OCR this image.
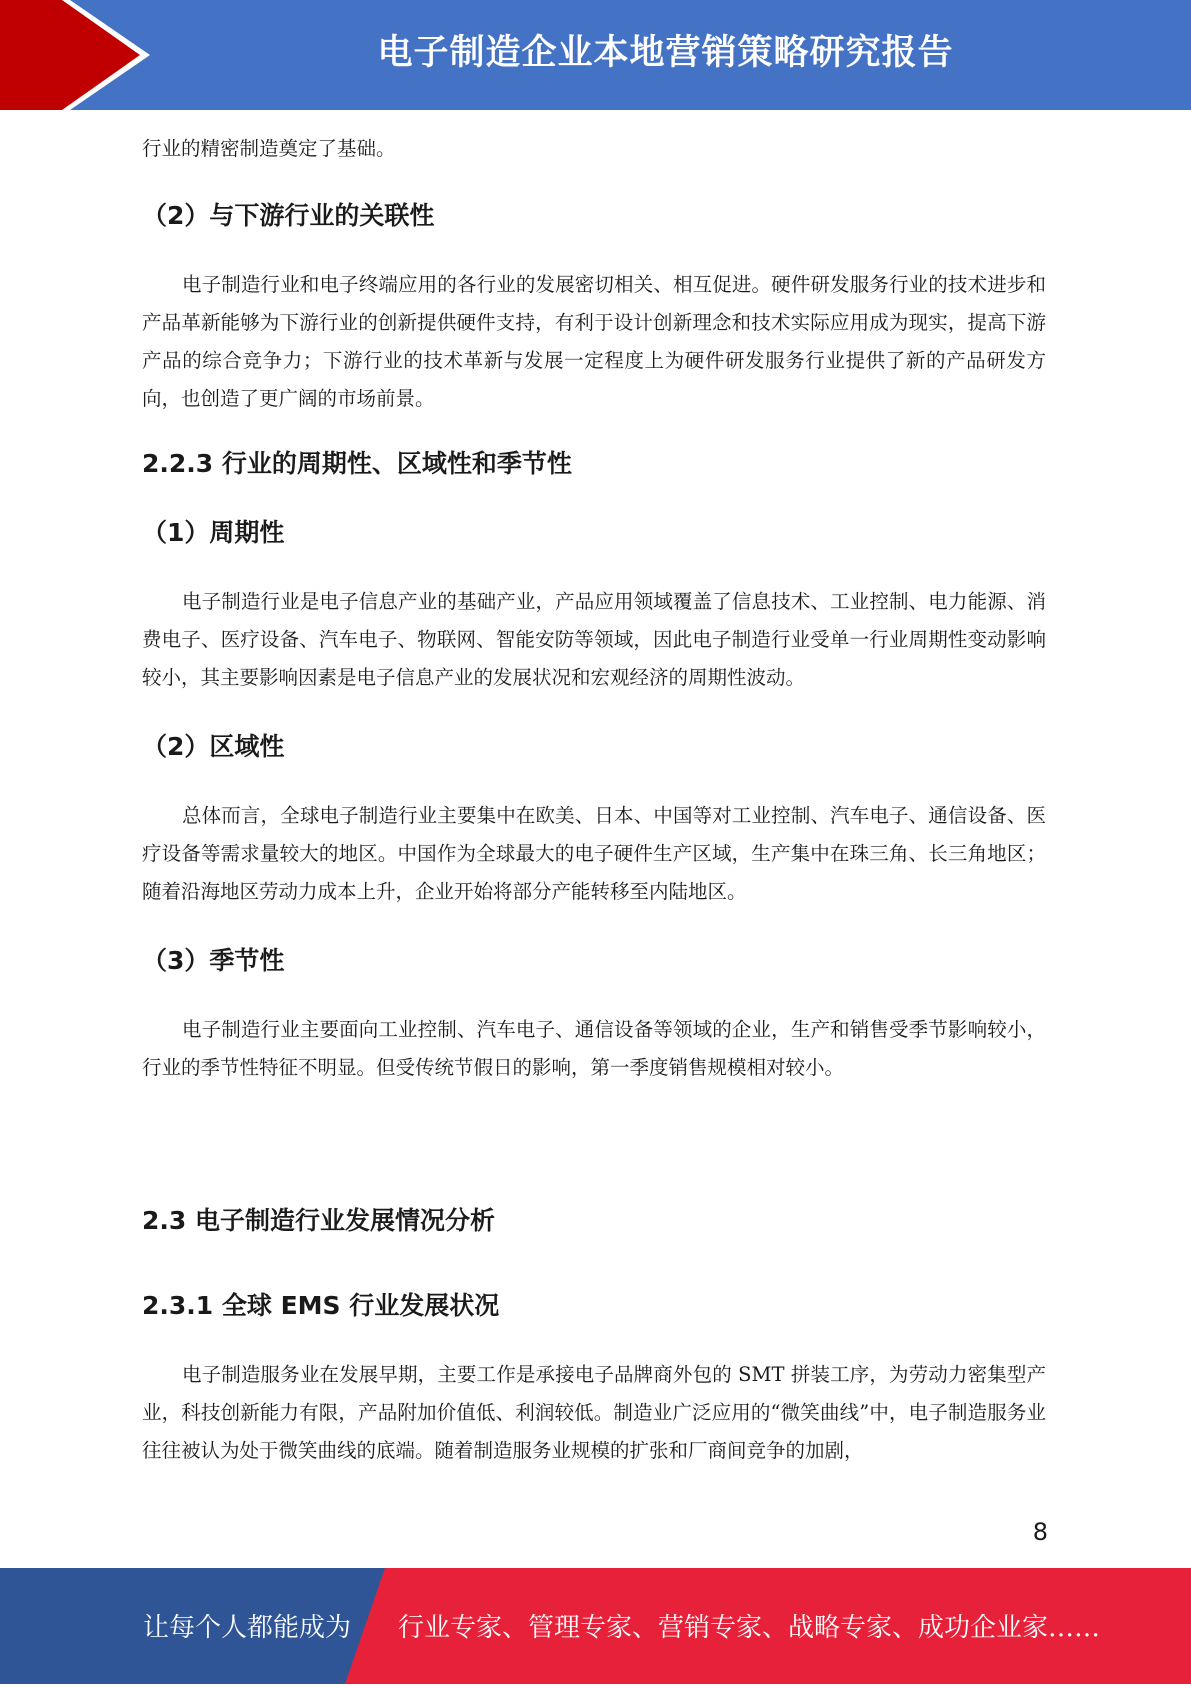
电子制造企业本地营销策略研究报告

行业的精密制造奠定了基础。

（2）与下游行业的关联性

电子制造行业和电子终端应用的各行业的发展密切相关、相互促进。硬件研发服务行业的技术进步和产品革新能够为下游行业的创新提供硬件支持，有利于设计创新理念和技术实际应用成为现实，提高下游产品的综合竞争力；下游行业的技术革新与发展一定程度上为硬件研发服务行业提供了新的产品研发方向，也创造了更广阔的市场前景。

2.2.3 行业的周期性、区域性和季节性
（1）周期性

电子制造行业是电子信息产业的基础产业，产品应用领域覆盖了信息技术、工业控制、电力能源、消费电子、医疗设备、汽车电子、物联网、智能安防等领域，因此电子制造行业受单一行业周期性变动影响较小，其主要影响因素是电子信息产业的发展状况和宏观经济的周期性波动。

（2）区域性

总体而言，全球电子制造行业主要集中在欧美、日本、中国等对工业控制、汽车电子、通信设备、医疗设备等需求量较大的地区。中国作为全球最大的电子硬件生产区域，生产集中在珠三角、长三角地区；随着沿海地区劳动力成本上升，企业开始将部分产能转移至内陆地区。

（3）季节性

电子制造行业主要面向工业控制、汽车电子、通信设备等领域的企业，生产和销售受季节影响较小，行业的季节性特征不明显。但受传统节假日的影响，第一季度销售规模相对较小。

2.3 电子制造行业发展情况分析
2.3.1 全球 EMS 行业发展状况

电子制造服务业在发展早期，主要工作是承接电子品牌商外包的 SMT 拼装工序，为劳动力密集型产业，科技创新能力有限，产品附加价值低、利润较低。制造业广泛应用的“微笑曲线”中，电子制造服务业往往被认为处于微笑曲线的底端。随着制造服务业规模的扩张和厂商间竞争的加剧，

8
让每个人都能成为 行业专家、管理专家、营销专家、战略专家、成功企业家……
